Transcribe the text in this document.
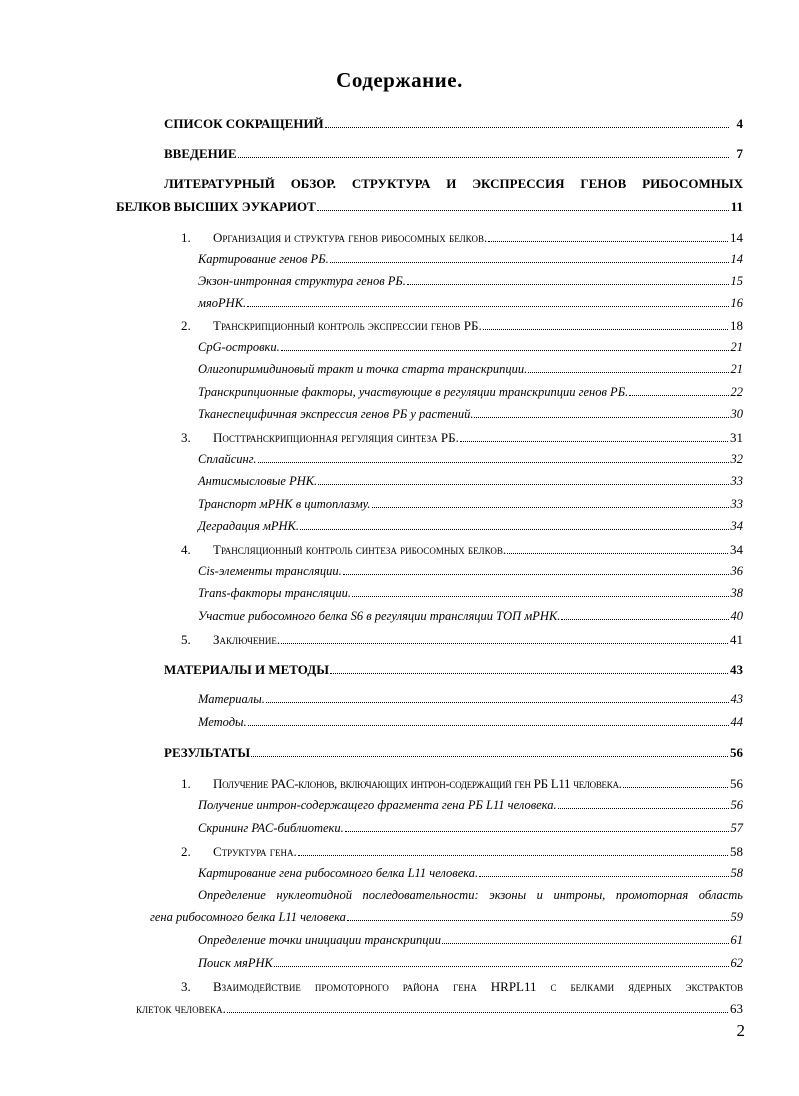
Содержание.
СПИСОК СОКРАЩЕНИЙ	4
ВВЕДЕНИЕ	7
ЛИТЕРАТУРНЫЙ ОБЗОР. СТРУКТУРА И ЭКСПРЕССИЯ ГЕНОВ РИБОСОМНЫХ
БЕЛКОВ ВЫСШИХ ЭУКАРИОТ	11
1.	Организация и структура генов рибосомных белков.	14
Картирование генов РБ.	14
Экзон-интронная структура генов РБ.	15
мяоРНК.	16
2.	Транскрипционный контроль экспрессии генов РБ.	18
CpG-островки.	21
Олигопиримидиновый тракт и точка старта транскрипции.	21
Транскрипционные факторы, участвующие в регуляции транскрипции генов РБ.	22
Тканеспецифичная экспрессия генов РБ у растений.	30
3.	Посттранскрипционная регуляция синтеза РБ.	31
Сплайсинг.	32
Антисмысловые РНК.	33
Транспорт мРНК в цитоплазму.	33
Деградация мРНК.	34
4.	Трансляционный контроль синтеза рибосомных белков.	34
Cis-элементы трансляции.	36
Trans-факторы трансляции.	38
Участие рибосомного белка S6 в регуляции трансляции ТОП мРНК.	40
5.	Заключение.	41
МАТЕРИАЛЫ И МЕТОДЫ	43
Материалы.	43
Методы.	44
РЕЗУЛЬТАТЫ	56
1.	Получение PAC-клонов, включающих интрон-содержащий ген РБ L11 человека.	56
Получение интрон-содержащего фрагмента гена РБ L11 человека.	56
Скрининг PAC-библиотеки.	57
2.	Структура гена.	58
Картирование гена рибосомного белка L11 человека.	58
Определение нуклеотидной последовательности: экзоны и интроны, промоторная область
гена рибосомного белка L11 человека	59
Определение точки инициации транскрипции	61
Поиск мяРНК	62
3.	Взаимодействие промоторного района гена HRPL11 с белками ядерных экстрактов
клеток человека.	63
2
